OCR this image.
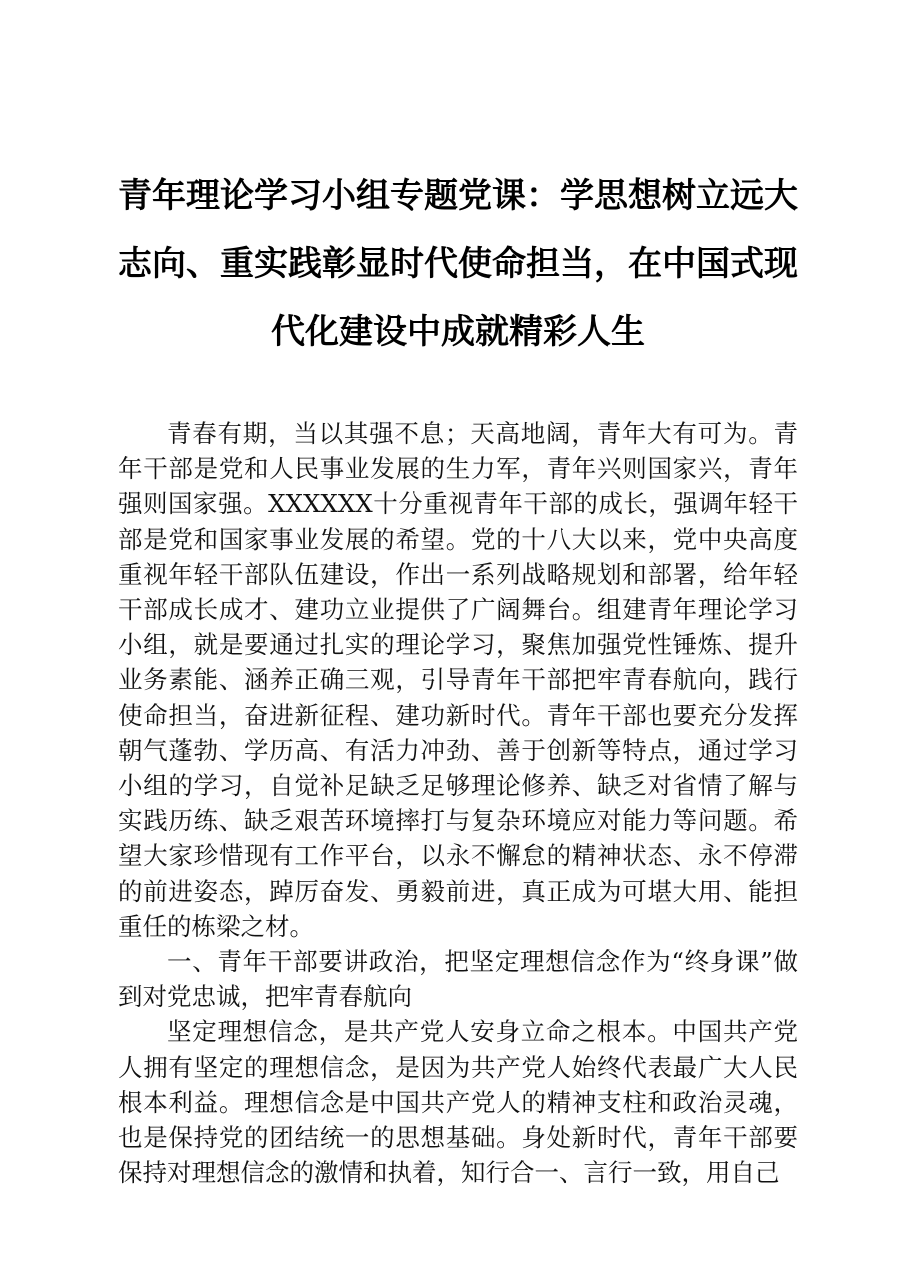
青年理论学习小组专题党课：学思想树立远大志向、重实践彰显时代使命担当，在中国式现代化建设中成就精彩人生

青春有期，当以其强不息；天高地阔，青年大有可为。青年干部是党和人民事业发展的生力军，青年兴则国家兴，青年强则国家强。XXXXXX十分重视青年干部的成长，强调年轻干部是党和国家事业发展的希望。党的十八大以来，党中央高度重视年轻干部队伍建设，作出一系列战略规划和部署，给年轻干部成长成才、建功立业提供了广阔舞台。组建青年理论学习小组，就是要通过扎实的理论学习，聚焦加强党性锤炼、提升业务素能、涵养正确三观，引导青年干部把牢青春航向，践行使命担当，奋进新征程、建功新时代。青年干部也要充分发挥朝气蓬勃、学历高、有活力冲劲、善于创新等特点，通过学习小组的学习，自觉补足缺乏足够理论修养、缺乏对省情了解与实践历练、缺乏艰苦环境摔打与复杂环境应对能力等问题。希望大家珍惜现有工作平台，以永不懈怠的精神状态、永不停滞的前进姿态，踔厉奋发、勇毅前进，真正成为可堪大用、能担重任的栋梁之材。

一、青年干部要讲政治，把坚定理想信念作为“终身课”做到对党忠诚，把牢青春航向

坚定理想信念，是共产党人安身立命之根本。中国共产党人拥有坚定的理想信念，是因为共产党人始终代表最广大人民根本利益。理想信念是中国共产党人的精神支柱和政治灵魂，也是保持党的团结统一的思想基础。身处新时代，青年干部要保持对理想信念的激情和执着，知行合一、言行一致，用自己
